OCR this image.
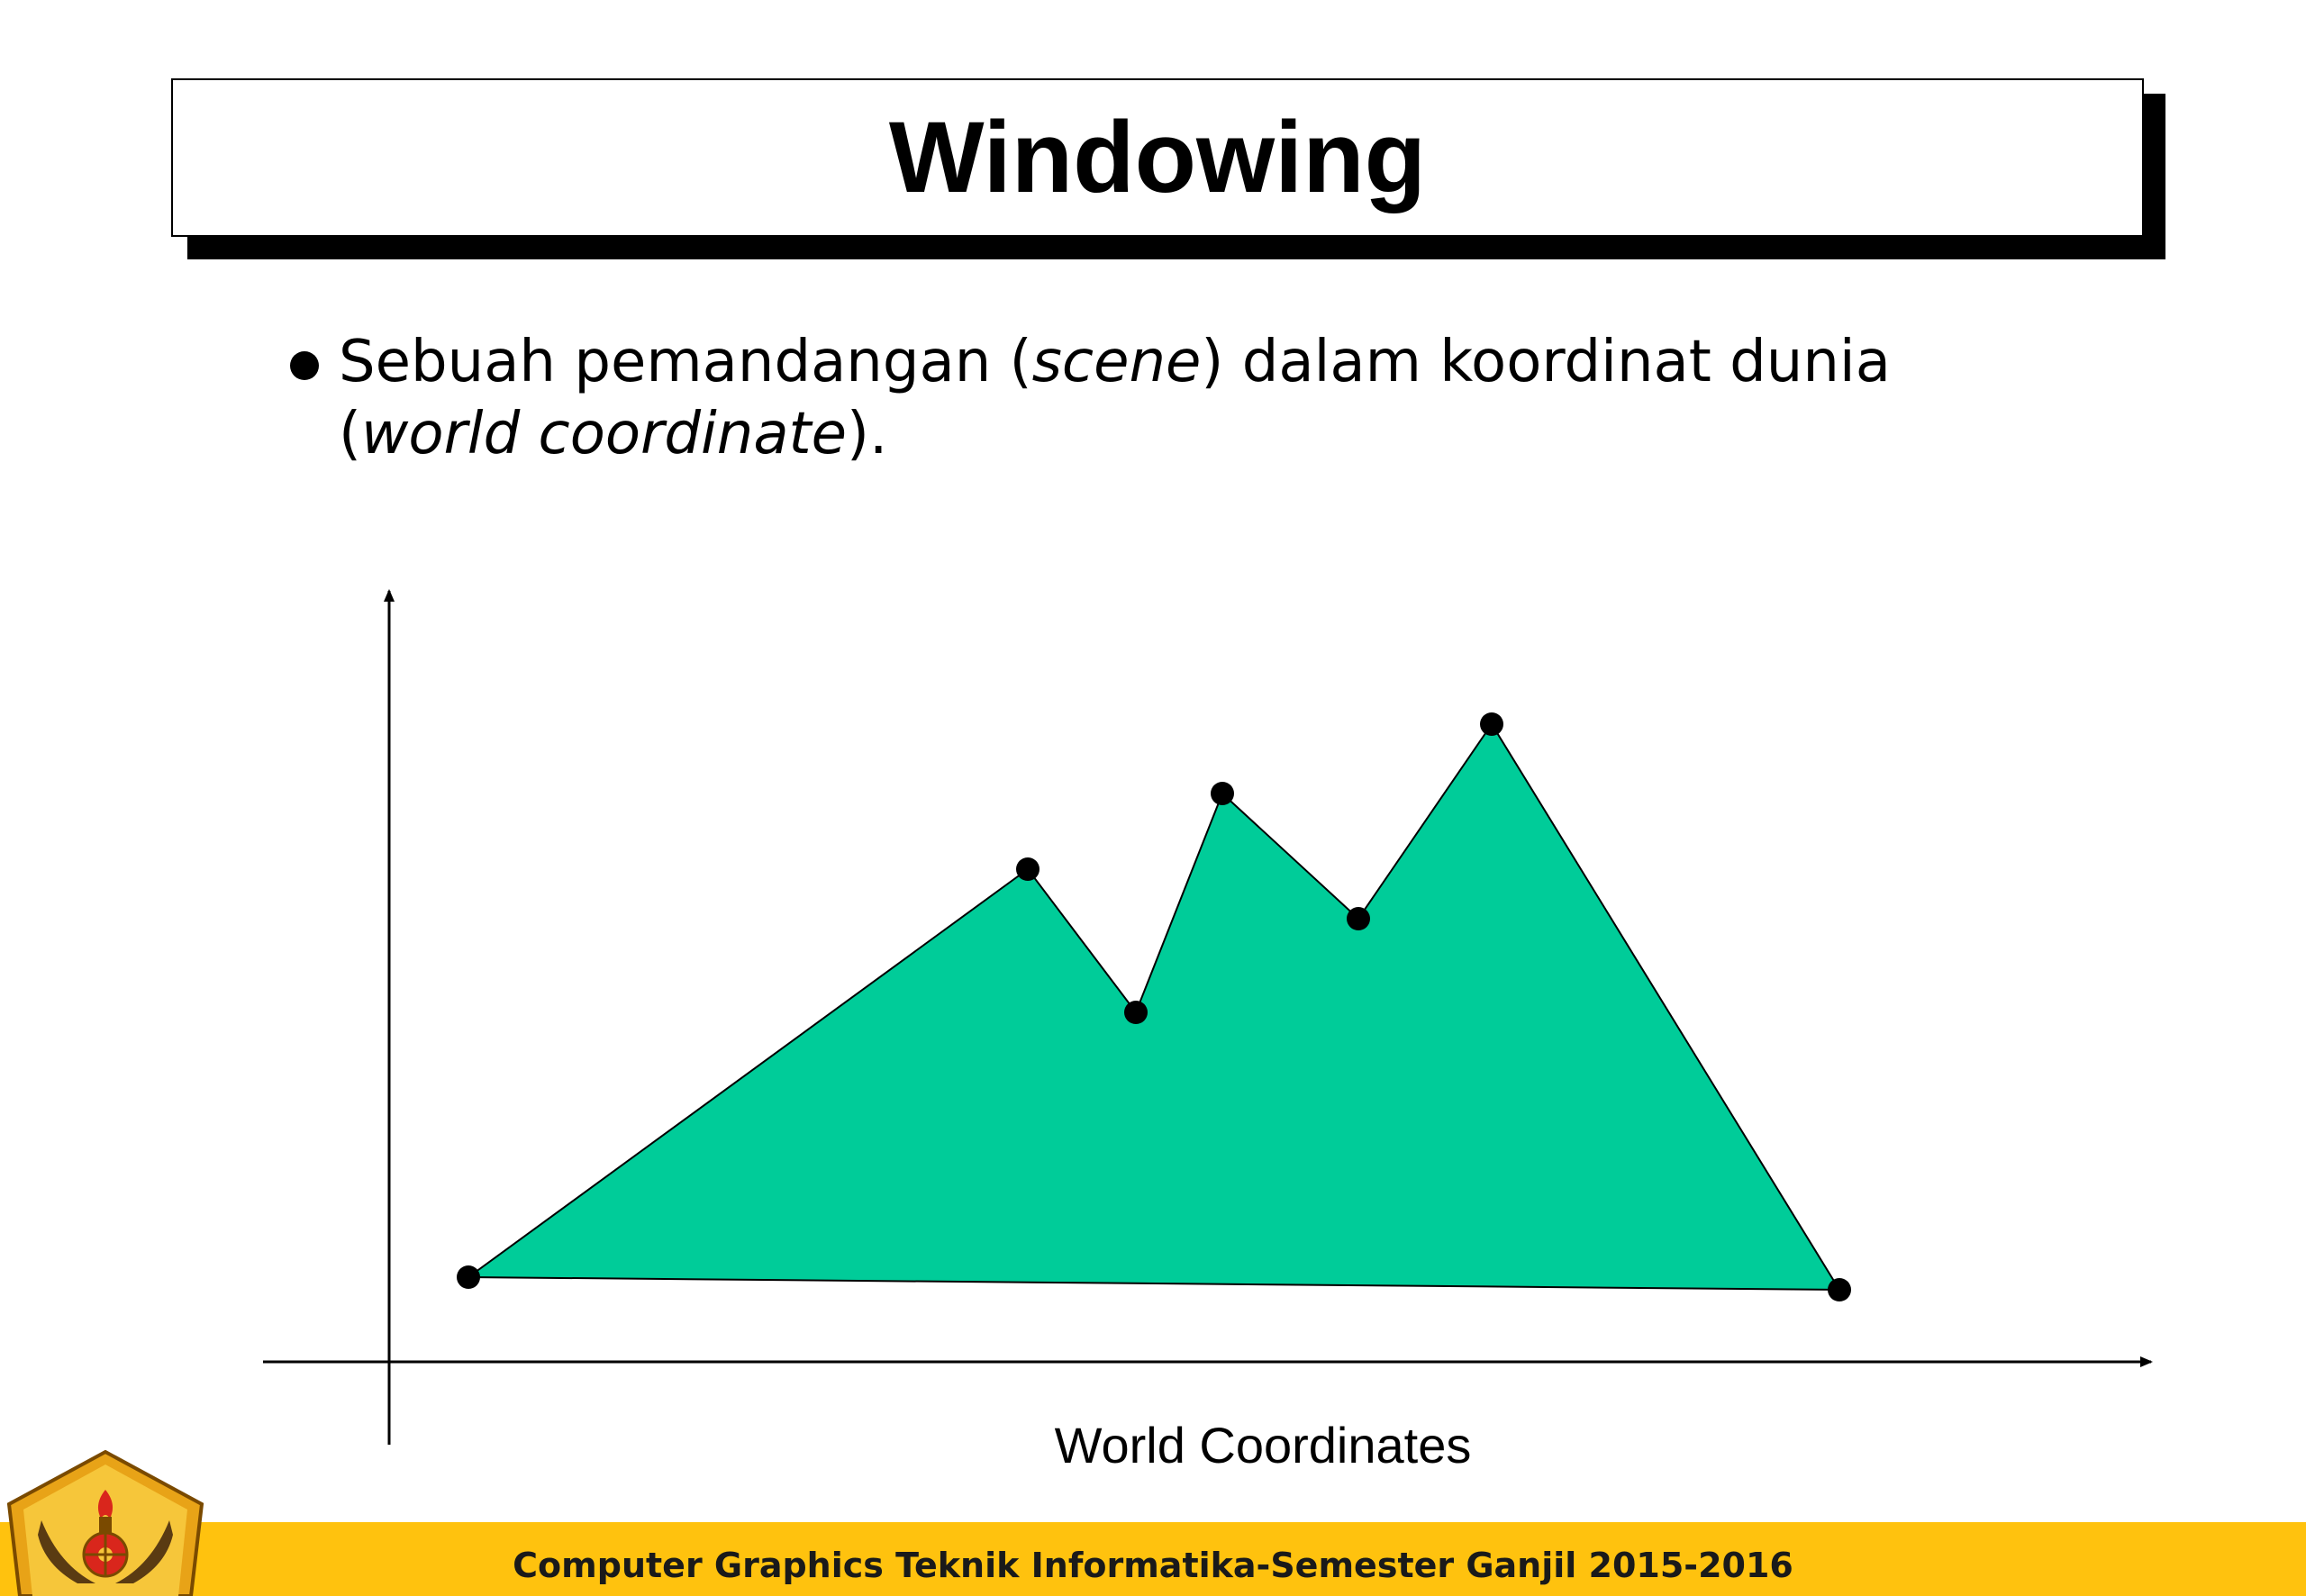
Windowing
Sebuah pemandangan (scene) dalam koordinat dunia (world coordinate).
World Coordinates
Computer Graphics Teknik Informatika-Semester Ganjil 2015-2016
